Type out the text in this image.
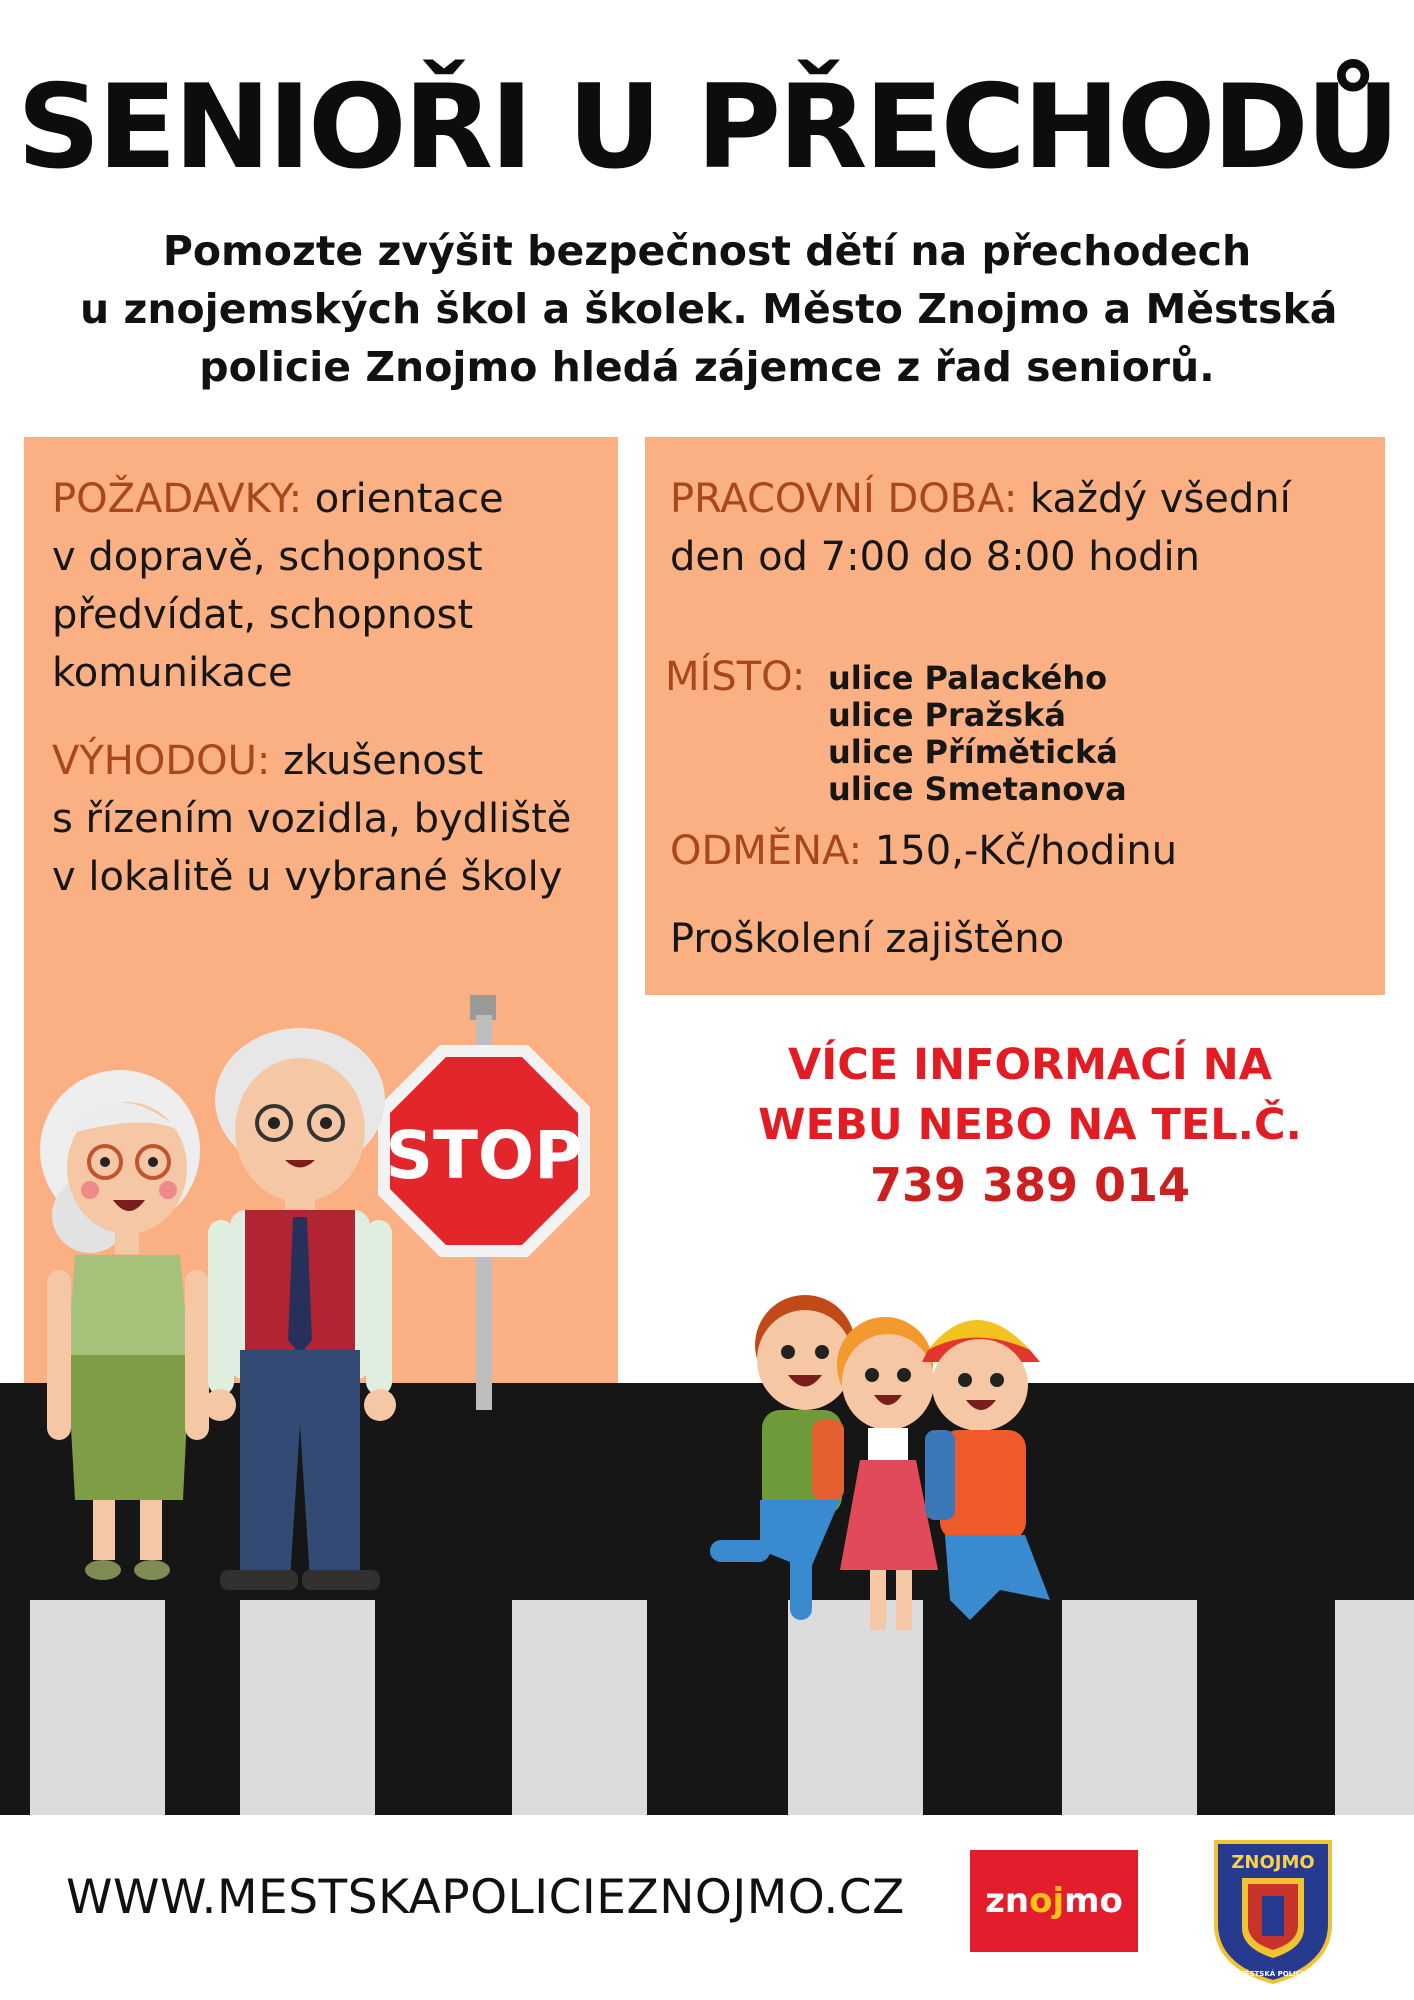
SENIOŘI U PŘECHODŮ
Pomozte zvýšit bezpečnost dětí na přechodech
u znojemských škol a školek. Město Znojmo a Městská
policie Znojmo hledá zájemce z řad seniorů.
POŽADAVKY: orientace
v dopravě, schopnost
předvídat, schopnost
komunikace
VÝHODOU: zkušenost
s řízením vozidla, bydliště
v lokalitě u vybrané školy
PRACOVNÍ DOBA: každý všední
den od 7:00 do 8:00 hodin
MÍSTO: ulice Palackého
ulice Pražská
ulice Přímětická
ulice Smetanova
ODMĚNA: 150,-Kč/hodinu
Proškolení zajištěno
VÍCE INFORMACÍ NA
WEBU NEBO NA TEL.Č.
739 389 014
STOP
WWW.MESTSKAPOLICIEZNOJMO.CZ zn oj mo
ZNOJMO
MĚSTSKÁ POLICIE
